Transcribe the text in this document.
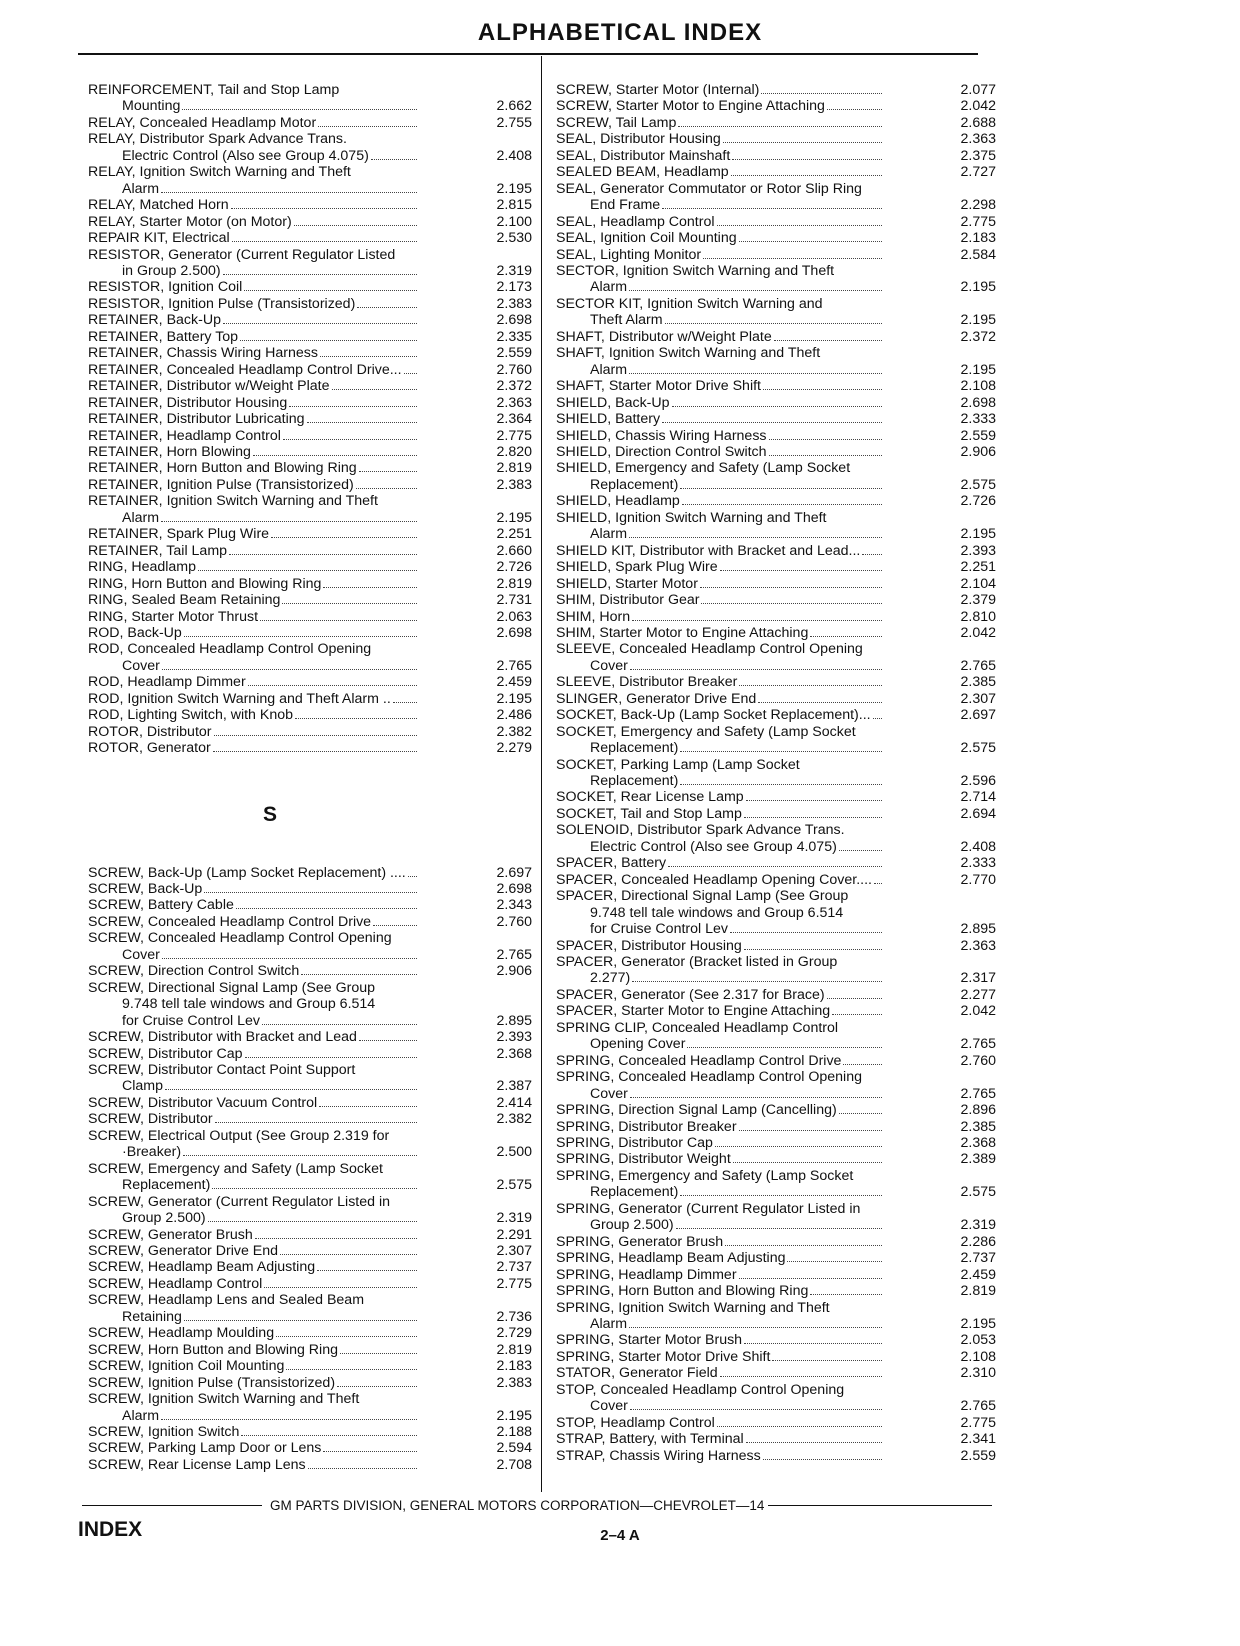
ALPHABETICAL INDEX
REINFORCEMENT, Tail and Stop Lamp
Mounting	2.662
RELAY, Concealed Headlamp Motor	2.755
RELAY, Distributor Spark Advance Trans.
Electric Control (Also see Group 4.075)	2.408
RELAY, Ignition Switch Warning and Theft
Alarm	2.195
RELAY, Matched Horn	2.815
RELAY, Starter Motor (on Motor)	2.100
REPAIR KIT, Electrical	2.530
RESISTOR, Generator (Current Regulator Listed
in Group 2.500)	2.319
RESISTOR, Ignition Coil	2.173
RESISTOR, Ignition Pulse (Transistorized)	2.383
RETAINER, Back-Up	2.698
RETAINER, Battery Top	2.335
RETAINER, Chassis Wiring Harness	2.559
RETAINER, Concealed Headlamp Control Drive...	2.760
RETAINER, Distributor w/Weight Plate	2.372
RETAINER, Distributor Housing	2.363
RETAINER, Distributor Lubricating	2.364
RETAINER, Headlamp Control	2.775
RETAINER, Horn Blowing	2.820
RETAINER, Horn Button and Blowing Ring	2.819
RETAINER, Ignition Pulse (Transistorized)	2.383
RETAINER, Ignition Switch Warning and Theft
Alarm	2.195
RETAINER, Spark Plug Wire	2.251
RETAINER, Tail Lamp	2.660
RING, Headlamp	2.726
RING, Horn Button and Blowing Ring	2.819
RING, Sealed Beam Retaining	2.731
RING, Starter Motor Thrust	2.063
ROD, Back-Up	2.698
ROD, Concealed Headlamp Control Opening
Cover	2.765
ROD, Headlamp Dimmer	2.459
ROD, Ignition Switch Warning and Theft Alarm ..	2.195
ROD, Lighting Switch, with Knob	2.486
ROTOR, Distributor	2.382
ROTOR, Generator	2.279
S
SCREW, Back-Up (Lamp Socket Replacement) ....	2.697
SCREW, Back-Up	2.698
SCREW, Battery Cable	2.343
SCREW, Concealed Headlamp Control Drive	2.760
SCREW, Concealed Headlamp Control Opening
Cover	2.765
SCREW, Direction Control Switch	2.906
SCREW, Directional Signal Lamp (See Group
9.748 tell tale windows and Group 6.514
for Cruise Control Lev	2.895
SCREW, Distributor with Bracket and Lead	2.393
SCREW, Distributor Cap	2.368
SCREW, Distributor Contact Point Support
Clamp	2.387
SCREW, Distributor Vacuum Control	2.414
SCREW, Distributor	2.382
SCREW, Electrical Output (See Group 2.319 for
·Breaker)	2.500
SCREW, Emergency and Safety (Lamp Socket
Replacement)	2.575
SCREW, Generator (Current Regulator Listed in
Group 2.500)	2.319
SCREW, Generator Brush	2.291
SCREW, Generator Drive End	2.307
SCREW, Headlamp Beam Adjusting	2.737
SCREW, Headlamp Control	2.775
SCREW, Headlamp Lens and Sealed Beam
Retaining	2.736
SCREW, Headlamp Moulding	2.729
SCREW, Horn Button and Blowing Ring	2.819
SCREW, Ignition Coil Mounting	2.183
SCREW, Ignition Pulse (Transistorized)	2.383
SCREW, Ignition Switch Warning and Theft
Alarm	2.195
SCREW, Ignition Switch	2.188
SCREW, Parking Lamp Door or Lens	2.594
SCREW, Rear License Lamp Lens	2.708
SCREW, Starter Motor (Internal)	2.077
SCREW, Starter Motor to Engine Attaching	2.042
SCREW, Tail Lamp	2.688
SEAL, Distributor Housing	2.363
SEAL, Distributor Mainshaft	2.375
SEALED BEAM, Headlamp	2.727
SEAL, Generator Commutator or Rotor Slip Ring
End Frame	2.298
SEAL, Headlamp Control	2.775
SEAL, Ignition Coil Mounting	2.183
SEAL, Lighting Monitor	2.584
SECTOR, Ignition Switch Warning and Theft
Alarm	2.195
SECTOR KIT, Ignition Switch Warning and
Theft Alarm	2.195
SHAFT, Distributor w/Weight Plate	2.372
SHAFT, Ignition Switch Warning and Theft
Alarm	2.195
SHAFT, Starter Motor Drive Shift	2.108
SHIELD, Back-Up	2.698
SHIELD, Battery	2.333
SHIELD, Chassis Wiring Harness	2.559
SHIELD, Direction Control Switch	2.906
SHIELD, Emergency and Safety (Lamp Socket
Replacement)	2.575
SHIELD, Headlamp	2.726
SHIELD, Ignition Switch Warning and Theft
Alarm	2.195
SHIELD KIT, Distributor with Bracket and Lead...	2.393
SHIELD, Spark Plug Wire	2.251
SHIELD, Starter Motor	2.104
SHIM, Distributor Gear	2.379
SHIM, Horn	2.810
SHIM, Starter Motor to Engine Attaching	2.042
SLEEVE, Concealed Headlamp Control Opening
Cover	2.765
SLEEVE, Distributor Breaker	2.385
SLINGER, Generator Drive End	2.307
SOCKET, Back-Up (Lamp Socket Replacement)...	2.697
SOCKET, Emergency and Safety (Lamp Socket
Replacement)	2.575
SOCKET, Parking Lamp (Lamp Socket
Replacement)	2.596
SOCKET, Rear License Lamp	2.714
SOCKET, Tail and Stop Lamp	2.694
SOLENOID, Distributor Spark Advance Trans.
Electric Control (Also see Group 4.075)	2.408
SPACER, Battery	2.333
SPACER, Concealed Headlamp Opening Cover....	2.770
SPACER, Directional Signal Lamp (See Group
9.748 tell tale windows and Group 6.514
for Cruise Control Lev	2.895
SPACER, Distributor Housing	2.363
SPACER, Generator (Bracket listed in Group
2.277)	2.317
SPACER, Generator (See 2.317 for Brace)	2.277
SPACER, Starter Motor to Engine Attaching	2.042
SPRING CLIP, Concealed Headlamp Control
Opening Cover	2.765
SPRING, Concealed Headlamp Control Drive	2.760
SPRING, Concealed Headlamp Control Opening
Cover	2.765
SPRING, Direction Signal Lamp (Cancelling)	2.896
SPRING, Distributor Breaker	2.385
SPRING, Distributor Cap	2.368
SPRING, Distributor Weight	2.389
SPRING, Emergency and Safety (Lamp Socket
Replacement)	2.575
SPRING, Generator (Current Regulator Listed in
Group 2.500)	2.319
SPRING, Generator Brush	2.286
SPRING, Headlamp Beam Adjusting	2.737
SPRING, Headlamp Dimmer	2.459
SPRING, Horn Button and Blowing Ring	2.819
SPRING, Ignition Switch Warning and Theft
Alarm	2.195
SPRING, Starter Motor Brush	2.053
SPRING, Starter Motor Drive Shift	2.108
STATOR, Generator Field	2.310
STOP, Concealed Headlamp Control Opening
Cover	2.765
STOP, Headlamp Control	2.775
STRAP, Battery, with Terminal	2.341
STRAP, Chassis Wiring Harness	2.559
GM PARTS DIVISION, GENERAL MOTORS CORPORATION—CHEVROLET—14
INDEX	2–4 A
